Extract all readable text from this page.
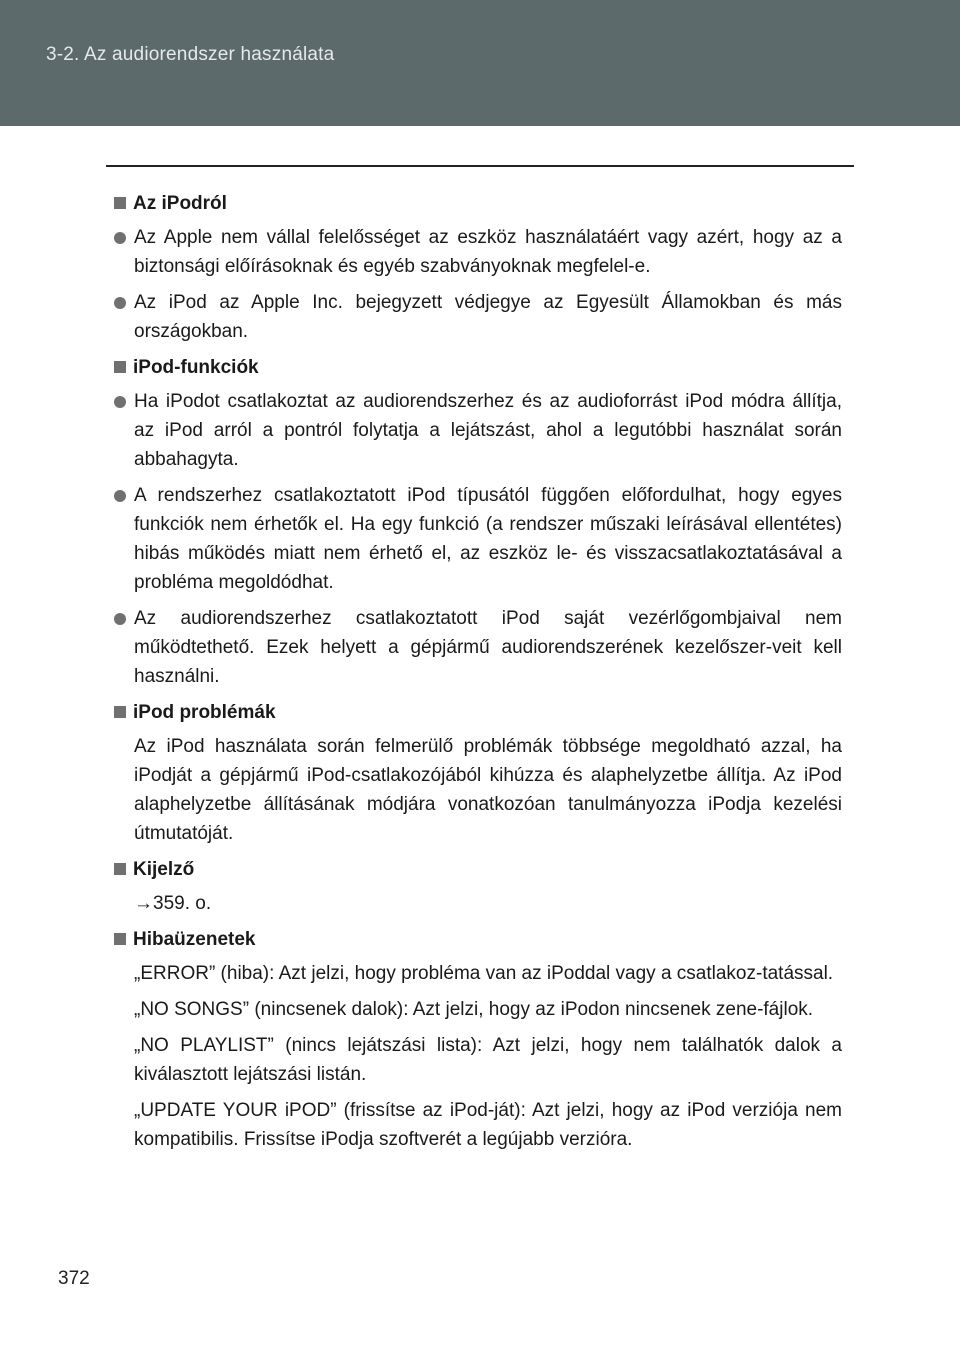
3-2. Az audiorendszer használata
Az iPodról
Az Apple nem vállal felelősséget az eszköz használatáért vagy azért, hogy az a biztonsági előírásoknak és egyéb szabványoknak megfelel-e.
Az iPod az Apple Inc. bejegyzett védjegye az Egyesült Államokban és más országokban.
iPod-funkciók
Ha iPodot csatlakoztat az audiorendszerhez és az audioforrást iPod módra állítja, az iPod arról a pontról folytatja a lejátszást, ahol a legutóbbi használat során abbahagyta.
A rendszerhez csatlakoztatott iPod típusától függően előfordulhat, hogy egyes funkciók nem érhetők el. Ha egy funkció (a rendszer műszaki leírásával ellentétes) hibás működés miatt nem érhető el, az eszköz le- és visszacsatlakoztatásával a probléma megoldódhat.
Az audiorendszerhez csatlakoztatott iPod saját vezérlőgombjaival nem működtethető. Ezek helyett a gépjármű audiorendszerének kezelőszer-veit kell használni.
iPod problémák
Az iPod használata során felmerülő problémák többsége megoldható azzal, ha iPodját a gépjármű iPod-csatlakozójából kihúzza és alaphelyzetbe állítja. Az iPod alaphelyzetbe állításának módjára vonatkozóan tanulmányozza iPodja kezelési útmutatóját.
Kijelző
→359. o.
Hibaüzenetek
„ERROR” (hiba): Azt jelzi, hogy probléma van az iPoddal vagy a csatlakoz-tatással.
„NO SONGS” (nincsenek dalok): Azt jelzi, hogy az iPodon nincsenek zene-fájlok.
„NO PLAYLIST” (nincs lejátszási lista): Azt jelzi, hogy nem találhatók dalok a kiválasztott lejátszási listán.
„UPDATE YOUR iPOD” (frissítse az iPod-ját): Azt jelzi, hogy az iPod verziója nem kompatibilis. Frissítse iPodja szoftverét a legújabb verzióra.
372
